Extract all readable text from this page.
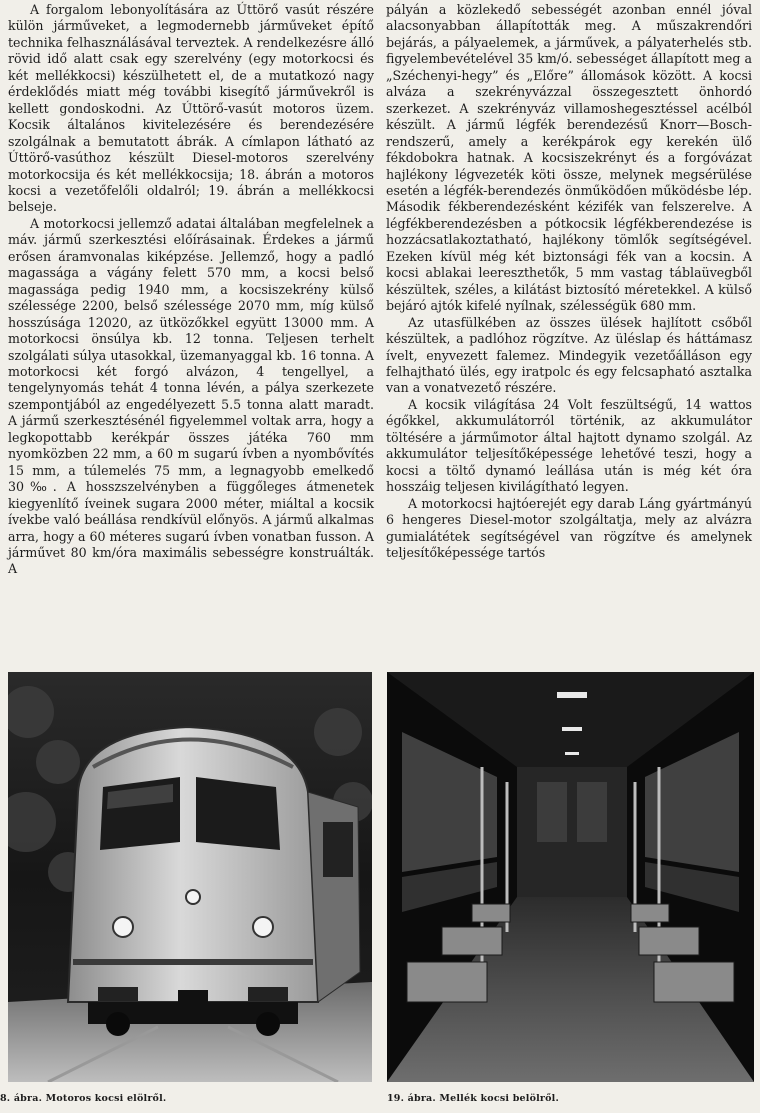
A forgalom lebonyolítására az Úttörő vasút részére külön járműveket, a legmodernebb járműveket építő technika felhasználásával terveztek. A rendelkezésre álló rövid idő alatt csak egy szerelvény (egy motorkocsi és két mellékkocsi) készülhetett el, de a mutatkozó nagy érdeklődés miatt még további kisegítő járművekről is kellett gondoskodni. Az Úttörő-vasút motoros üzem. Kocsik általános kivitelezésére és berendezésére szolgálnak a bemutatott ábrák. A címlapon látható az Úttörő-vasúthoz készült Diesel-motoros szerelvény motorkocsija és két mellékkocsija; 18. ábrán a motoros kocsi a vezetőfelőli oldalról; 19. ábrán a mellékkocsi belseje.

A motorkocsi jellemző adatai általában megfelelnek a máv. jármű szerkesztési előírásainak. Érdekes a jármű erősen áramvonalas kiképzése. Jellemző, hogy a padló magassága a vágány felett 570 mm, a kocsi belső magassága pedig 1940 mm, a kocsiszekrény külső szélessége 2200, belső szélessége 2070 mm, míg külső hosszúsága 12020, az ütközőkkel együtt 13000 mm. A motorkocsi önsúlya kb. 12 tonna. Teljesen terhelt szolgálati súlya utasokkal, üzemanyaggal kb. 16 tonna. A motorkocsi két forgó alvázon, 4 tengellyel, a tengelynyomás tehát 4 tonna lévén, a pálya szerkezete szempontjából az engedélyezett 5.5 tonna alatt maradt. A jármű szerkesztésénél figyelemmel voltak arra, hogy a legkopottabb kerékpár összes játéka 760 mm nyomközben 22 mm, a 60 m sugarú ívben a nyombővítés 15 mm, a túlemelés 75 mm, a legnagyobb emelkedő 30‰. A hosszszelvényben a függőleges átmenetek kiegyenlítő íveinek sugara 2000 méter, miáltal a kocsik ívekbe való beállása rendkívül előnyös. A jármű alkalmas arra, hogy a 60 méteres sugarú ívben vonatban fusson. A járművet 80 km/óra maximális sebességre konstruálták. A

pályán a közlekedő sebességét azonban ennél jóval alacsonyabban állapították meg. A műszakrendőri bejárás, a pályaelemek, a járművek, a pályaterhelés stb. figyelembevételével 35 km/ó. sebességet állapított meg a „Széchenyi-hegy” és „Előre” állomások között. A kocsi alváza a szekrényvázzal összegesztett önhordó szerkezet. A szekrényváz villamoshegesztéssel acélból készült. A jármű légfék berendezésű Knorr—Bosch-rendszerű, amely a kerékpárok egy kerekén ülő fékdobokra hatnak. A kocsiszekrényt és a forgóvázat hajlékony légvezeték köti össze, melynek megsérülése esetén a légfék-berendezés önműködően működésbe lép. Második fékberendezésként kézifék van felszerelve. A légfékberendezésben a pótkocsik légfékberendezése is hozzácsatlakoztatható, hajlékony tömlők segítségével. Ezeken kívül még két biztonsági fék van a kocsin. A kocsi ablakai leereszthetők, 5 mm vastag táblaüvegből készültek, széles, a kilátást biztosító méretekkel. A külső bejáró ajtók kifelé nyílnak, szélességük 680 mm.

Az utasfülkében az összes ülések hajlított csőből készültek, a padlóhoz rögzítve. Az üléslap és háttámasz ívelt, enyvezett falemez. Mindegyik vezetőálláson egy felhajtható ülés, egy iratpolc és egy felcsapható asztalka van a vonatvezető részére.

A kocsik világítása 24 Volt feszültségű, 14 wattos égőkkel, akkumulátorról történik, az akkumulátor töltésére a járműmotor által hajtott dynamo szolgál. Az akkumulátor teljesítőképessége lehetővé teszi, hogy a kocsi a töltő dynamó leállása után is még két óra hosszáig teljesen kivilágítható legyen.

A motorkocsi hajtóerejét egy darab Láng gyártmányú 6 hengeres Diesel-motor szolgáltatja, mely az alvázra gumialátétek segítségével van rögzítve és amelynek teljesítőképessége tartós

8. ábra. Motoros kocsi elölről.	19. ábra. Mellék kocsi belölről.
